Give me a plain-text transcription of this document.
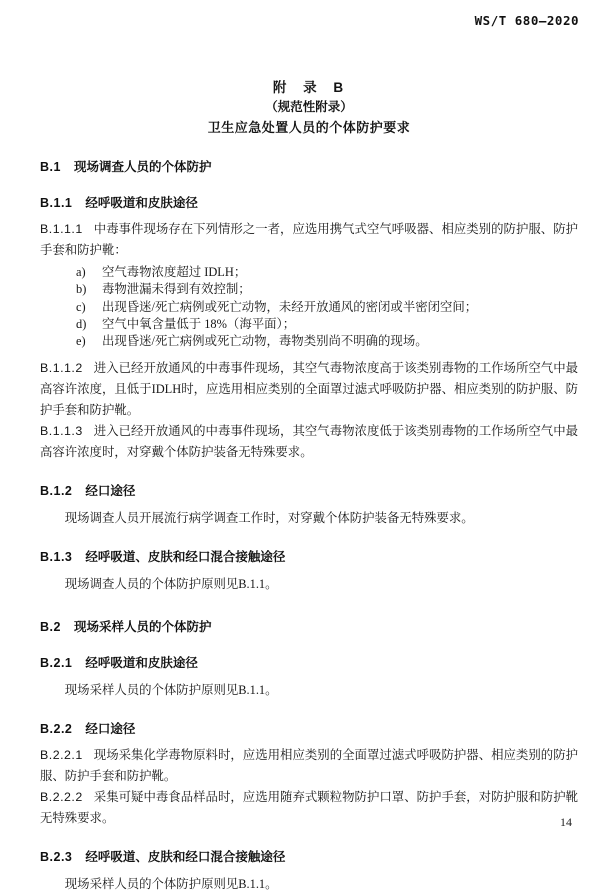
WS/T 680—2020
附 录 B
（规范性附录）
卫生应急处置人员的个体防护要求
B.1 现场调查人员的个体防护
B.1.1 经呼吸道和皮肤途径

B.1.1.1 中毒事件现场存在下列情形之一者，应选用携气式空气呼吸器、相应类别的防护服、防护手套和防护靴：

a)	空气毒物浓度超过 IDLH；
b)	毒物泄漏未得到有效控制；
c)	出现昏迷/死亡病例或死亡动物，未经开放通风的密闭或半密闭空间；
d)	空气中氧含量低于 18%（海平面）；
e)	出现昏迷/死亡病例或死亡动物，毒物类别尚不明确的现场。

B.1.1.2 进入已经开放通风的中毒事件现场，其空气毒物浓度高于该类别毒物的工作场所空气中最高容许浓度，且低于IDLH时，应选用相应类别的全面罩过滤式呼吸防护器、相应类别的防护服、防护手套和防护靴。

B.1.1.3 进入已经开放通风的中毒事件现场，其空气毒物浓度低于该类别毒物的工作场所空气中最高容许浓度时，对穿戴个体防护装备无特殊要求。

B.1.2 经口途径

现场调查人员开展流行病学调查工作时，对穿戴个体防护装备无特殊要求。

B.1.3 经呼吸道、皮肤和经口混合接触途径

现场调查人员的个体防护原则见B.1.1。

B.2 现场采样人员的个体防护
B.2.1 经呼吸道和皮肤途径

现场采样人员的个体防护原则见B.1.1。

B.2.2 经口途径

B.2.2.1 现场采集化学毒物原料时，应选用相应类别的全面罩过滤式呼吸防护器、相应类别的防护服、防护手套和防护靴。

B.2.2.2 采集可疑中毒食品样品时，应选用随弃式颗粒物防护口罩、防护手套，对防护服和防护靴无特殊要求。

B.2.3 经呼吸道、皮肤和经口混合接触途径

现场采样人员的个体防护原则见B.1.1。

14
